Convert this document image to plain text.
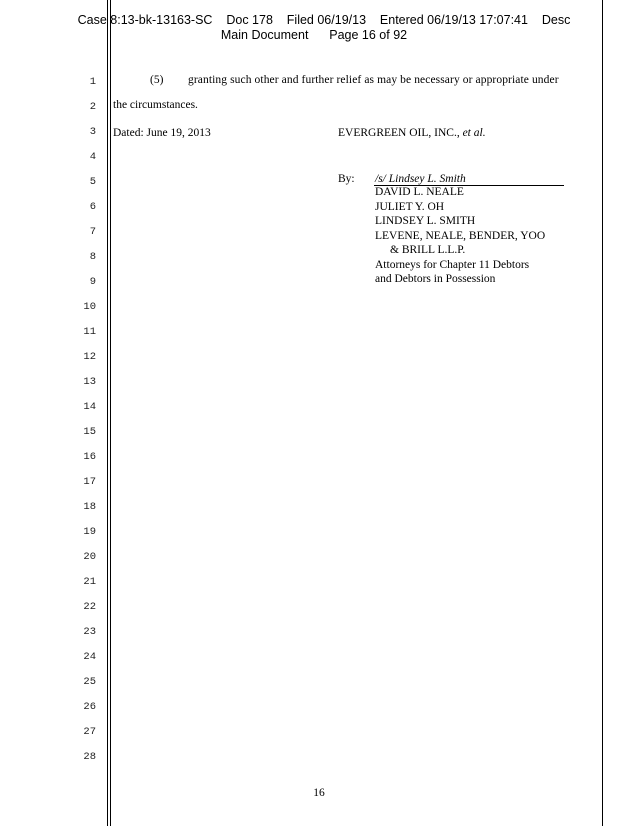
Case 8:13-bk-13163-SC    Doc 178    Filed 06/19/13    Entered 06/19/13 17:07:41    Desc
Main Document      Page 16 of 92
1
2
3
4
5
6
7
8
9
10
11
12
13
14
15
16
17
18
19
20
21
22
23
24
25
26
27
28
(5) granting such other and further relief as may be necessary or appropriate under
the circumstances.
Dated: June 19, 2013	EVERGREEN OIL, INC., et al.
By: /s/ Lindsey L. Smith
DAVID L. NEALE
JULIET Y. OH
LINDSEY L. SMITH
LEVENE, NEALE, BENDER, YOO
& BRILL L.L.P.
Attorneys for Chapter 11 Debtors
and Debtors in Possession
16
